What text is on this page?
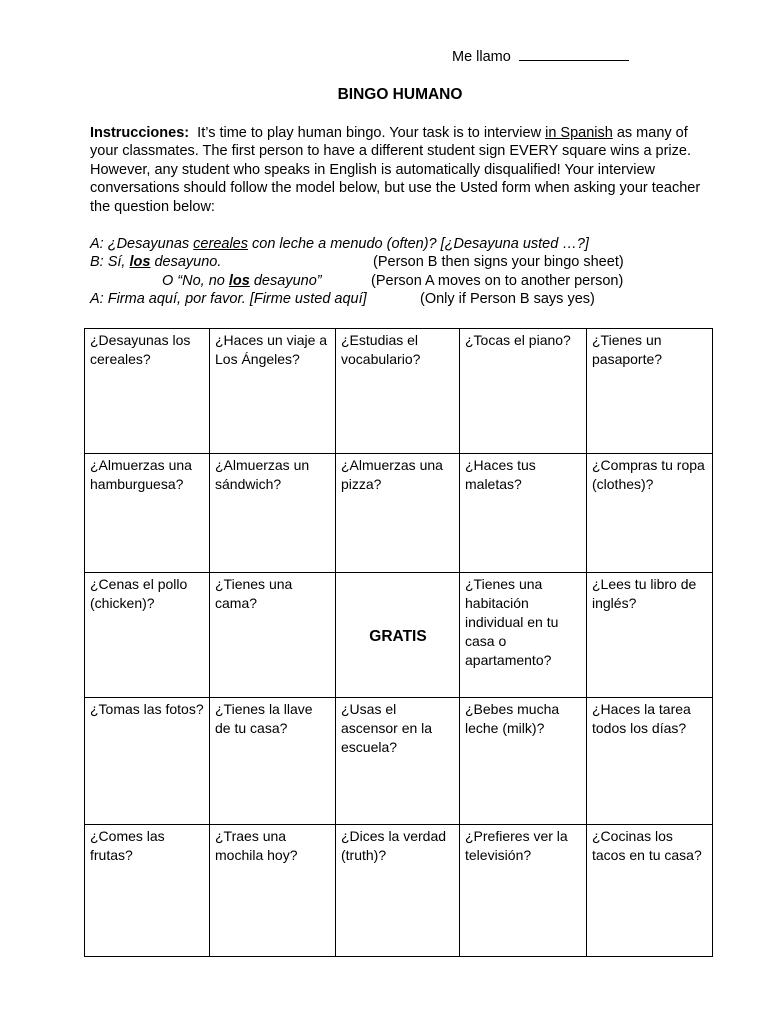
Me llamo
BINGO HUMANO

Instrucciones: It’s time to play human bingo. Your task is to interview in Spanish as many of

your classmates. The first person to have a different student sign EVERY square wins a prize.

However, any student who speaks in English is automatically disqualified! Your interview

conversations should follow the model below, but use the Usted form when asking your teacher

the question below:

A: ¿Desayunas cereales con leche a menudo (often)? [¿Desayuna usted …?]
B: Sí, los desayuno.	(Person B then signs your bingo sheet)
O “No, no los desayuno”	(Person A moves on to another person)
A: Firma aquí, por favor. [Firme usted aquí]	(Only if Person B says yes)
¿Desayunas los cereales?	¿Haces un viaje a Los Ángeles?	¿Estudias el vocabulario?	¿Tocas el piano?	¿Tienes un pasaporte?
¿Almuerzas una hamburguesa?	¿Almuerzas un sándwich?	¿Almuerzas una pizza?	¿Haces tus maletas?	¿Compras tu ropa (clothes)?
¿Cenas el pollo (chicken)?	¿Tienes una cama?	GRATIS	¿Tienes una habitación individual en tu casa o apartamento?	¿Lees tu libro de inglés?
¿Tomas las fotos?	¿Tienes la llave de tu casa?	¿Usas el ascensor en la escuela?	¿Bebes mucha leche (milk)?	¿Haces la tarea todos los días?
¿Comes las frutas?	¿Traes una mochila hoy?	¿Dices la verdad (truth)?	¿Prefieres ver la televisión?	¿Cocinas los tacos en tu casa?
